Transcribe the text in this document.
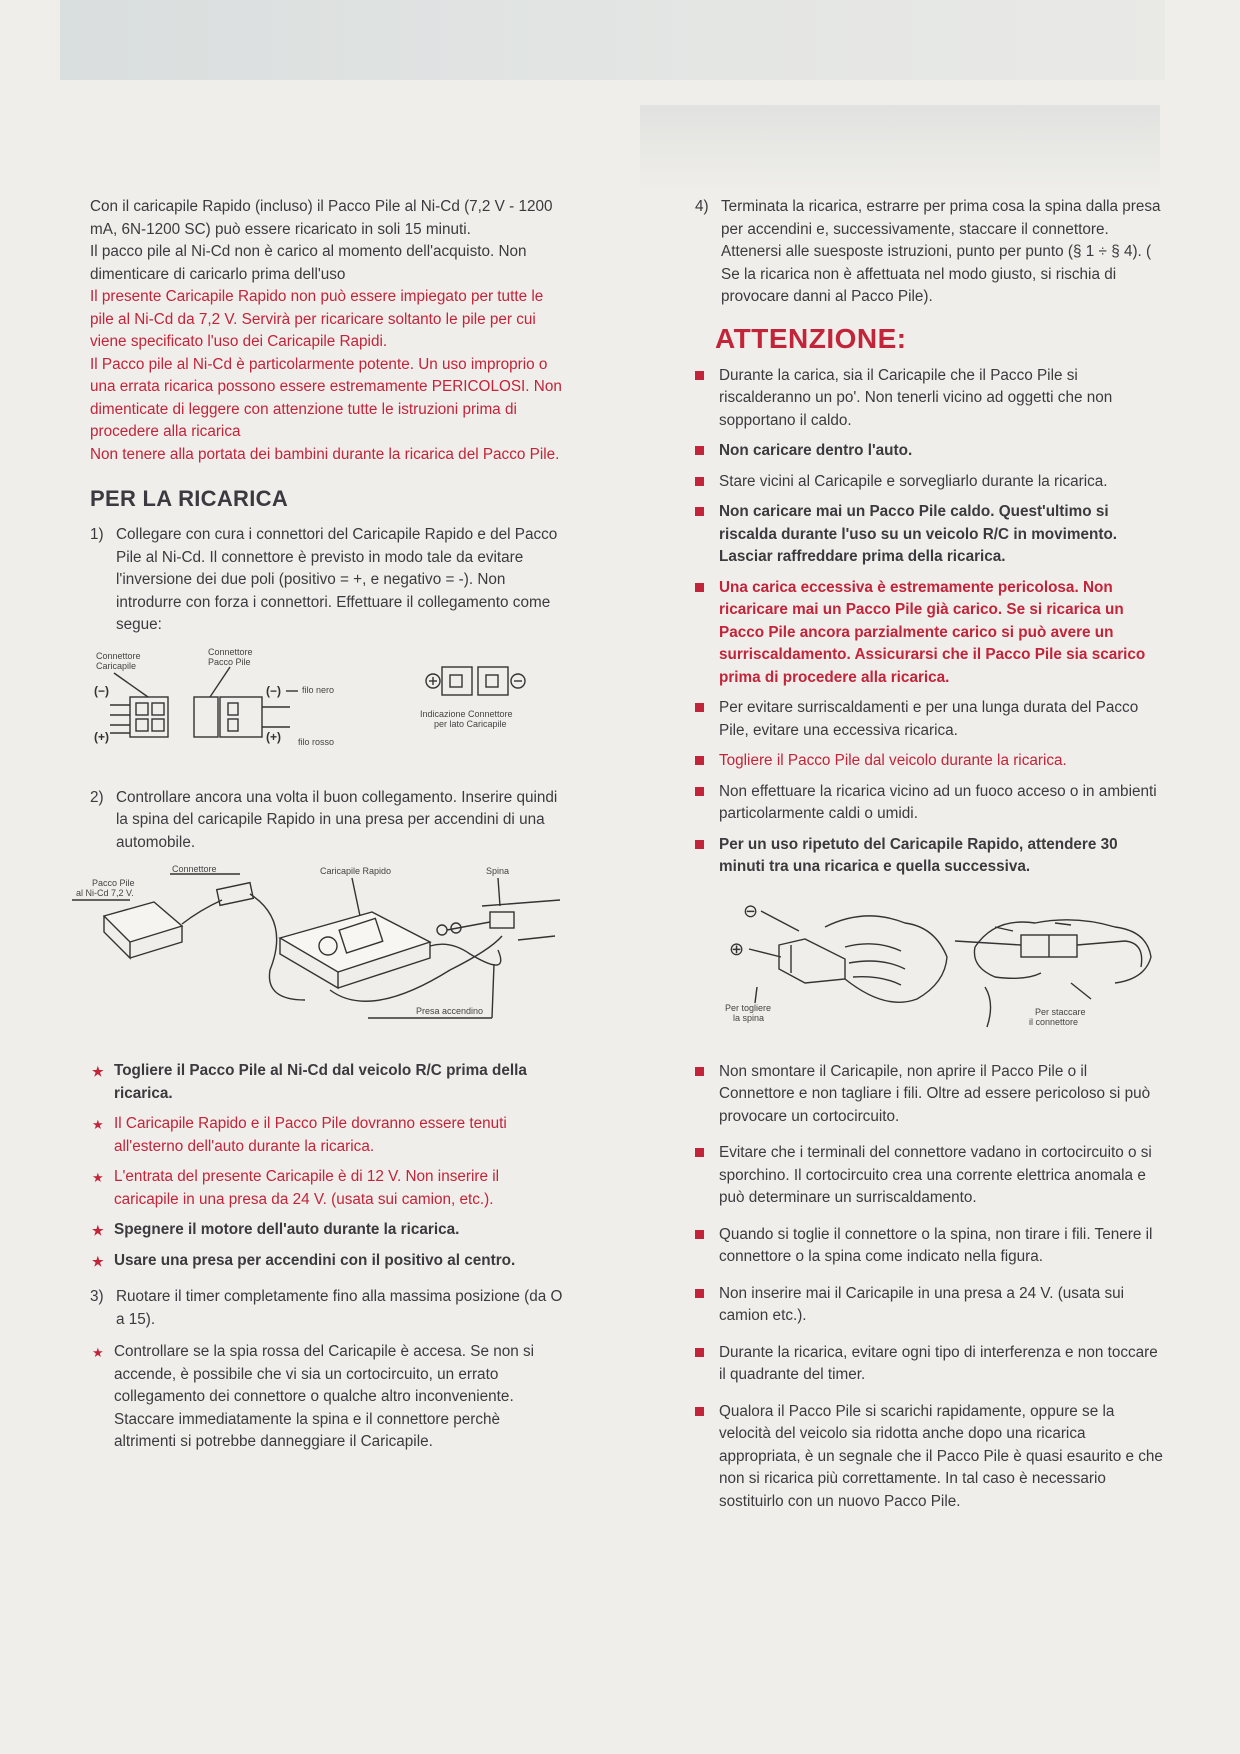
Con il caricapile Rapido (incluso) il Pacco Pile al Ni-Cd (7,2 V - 1200 mA, 6N-1200 SC) può essere ricaricato in soli 15 minuti.

Il pacco pile al Ni-Cd non è carico al momento dell'acquisto. Non dimenticare di caricarlo prima dell'uso

Il presente Caricapile Rapido non può essere impiegato per tutte le pile al Ni-Cd da 7,2 V. Servirà per ricaricare soltanto le pile per cui viene specificato l'uso dei Caricapile Rapidi.

Il Pacco pile al Ni-Cd è particolarmente potente. Un uso improprio o una errata ricarica possono essere estremamente PERICOLOSI. Non dimenticate di leggere con attenzione tutte le istruzioni prima di procedere alla ricarica

Non tenere alla portata dei bambini durante la ricarica del Pacco Pile.

PER LA RICARICA
1) Collegare con cura i connettori del Caricapile Rapido e del Pacco Pile al Ni-Cd. Il connettore è previsto in modo tale da evitare l'inversione dei due poli (positivo = +, e negativo = -). Non introdurre con forza i connettori. Effettuare il collegamento come segue:
Connettore
Caricapile
Connettore
Pacco Pile
(−)
(+)
(−)
(+)
filo nero
filo rosso
Indicazione Connettore
per lato Caricapile
2) Controllare ancora una volta il buon collegamento. Inserire quindi la spina del caricapile Rapido in una presa per accendini di una automobile.
Connettore	Caricapile Rapido	Spina
Pacco Pile
al Ni-Cd 7,2 V.
Presa accendino
★ Togliere il Pacco Pile al Ni-Cd dal veicolo R/C prima della ricarica.
★ Il Caricapile Rapido e il Pacco Pile dovranno essere tenuti all'esterno dell'auto durante la ricarica.
★ L'entrata del presente Caricapile è di 12 V. Non inserire il caricapile in una presa da 24 V. (usata sui camion, etc.).
★ Spegnere il motore dell'auto durante la ricarica.
★ Usare una presa per accendini con il positivo al centro.
3) Ruotare il timer completamente fino alla massima posizione (da O a 15).
★ Controllare se la spia rossa del Caricapile è accesa. Se non si accende, è possibile che vi sia un cortocircuito, un errato collegamento dei connettore o qualche altro inconveniente. Staccare immediatamente la spina e il connettore perchè altrimenti si potrebbe danneggiare il Caricapile.
4) Terminata la ricarica, estrarre per prima cosa la spina dalla presa per accendini e, successivamente, staccare il connettore.

Attenersi alle suesposte istruzioni, punto per punto (§ 1 ÷ § 4). ( Se la ricarica non è affettuata nel modo giusto, si rischia di provocare danni al Pacco Pile).

ATTENZIONE:
Durante la carica, sia il Caricapile che il Pacco Pile si riscalderanno un po'. Non tenerli vicino ad oggetti che non sopportano il caldo.
Non caricare dentro l'auto.
Stare vicini al Caricapile e sorvegliarlo durante la ricarica.
Non caricare mai un Pacco Pile caldo. Quest'ultimo si riscalda durante l'uso su un veicolo R/C in movimento. Lasciar raffreddare prima della ricarica.
Una carica eccessiva è estremamente pericolosa. Non ricaricare mai un Pacco Pile già carico. Se si ricarica un Pacco Pile ancora parzialmente carico si può avere un surriscaldamento. Assicurarsi che il Pacco Pile sia scarico prima di procedere alla ricarica.
Per evitare surriscaldamenti e per una lunga durata del Pacco Pile, evitare una eccessiva ricarica.
Togliere il Pacco Pile dal veicolo durante la ricarica.
Non effettuare la ricarica vicino ad un fuoco acceso o in ambienti particolarmente caldi o umidi.
Per un uso ripetuto del Caricapile Rapido, attendere 30 minuti tra una ricarica e quella successiva.
⊖
⊕
Per togliere
la spina
Per staccare
il connettore
Non smontare il Caricapile, non aprire il Pacco Pile o il Connettore e non tagliare i fili. Oltre ad essere pericoloso si può provocare un cortocircuito.
Evitare che i terminali del connettore vadano in cortocircuito o si sporchino. Il cortocircuito crea una corrente elettrica anomala e può determinare un surriscaldamento.
Quando si toglie il connettore o la spina, non tirare i fili. Tenere il connettore o la spina come indicato nella figura.
Non inserire mai il Caricapile in una presa a 24 V. (usata sui camion etc.).
Durante la ricarica, evitare ogni tipo di interferenza e non toccare il quadrante del timer.
Qualora il Pacco Pile si scarichi rapidamente, oppure se la velocità del veicolo sia ridotta anche dopo una ricarica appropriata, è un segnale che il Pacco Pile è quasi esaurito e che non si ricarica più correttamente. In tal caso è necessario sostituirlo con un nuovo Pacco Pile.
